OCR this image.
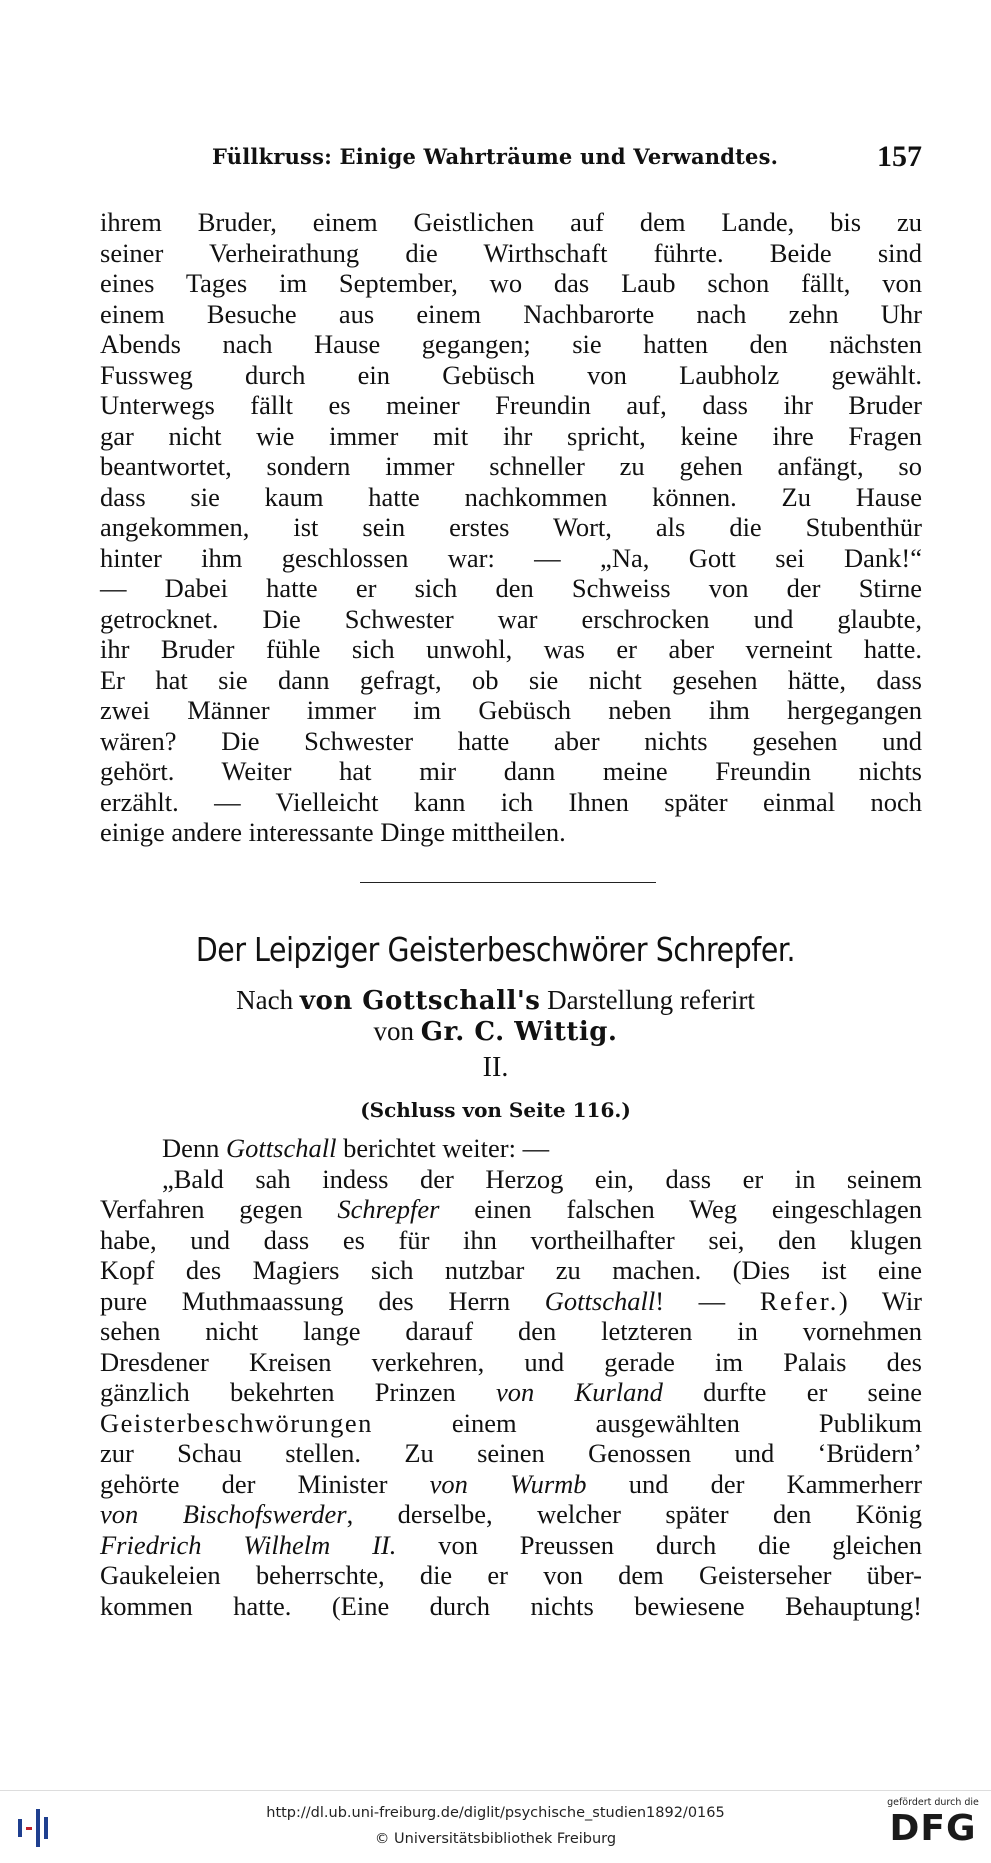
Füllkruss: Einige Wahrträume und Verwandtes.	157

ihrem Bruder, einem Geistlichen auf dem Lande, bis zu

seiner Verheirathung die Wirthschaft führte. Beide sind

eines Tages im September, wo das Laub schon fällt, von

einem Besuche aus einem Nachbarorte nach zehn Uhr

Abends nach Hause gegangen; sie hatten den nächsten

Fussweg durch ein Gebüsch von Laubholz gewählt.

Unterwegs fällt es meiner Freundin auf, dass ihr Bruder

gar nicht wie immer mit ihr spricht, keine ihre Fragen

beantwortet, sondern immer schneller zu gehen anfängt, so

dass sie kaum hatte nachkommen können. Zu Hause

angekommen, ist sein erstes Wort, als die Stubenthür

hinter ihm geschlossen war: — „Na, Gott sei Dank!“

— Dabei hatte er sich den Schweiss von der Stirne

getrocknet. Die Schwester war erschrocken und glaubte,

ihr Bruder fühle sich unwohl, was er aber verneint hatte.

Er hat sie dann gefragt, ob sie nicht gesehen hätte, dass

zwei Männer immer im Gebüsch neben ihm hergegangen

wären? Die Schwester hatte aber nichts gesehen und

gehört. Weiter hat mir dann meine Freundin nichts

erzählt. — Vielleicht kann ich Ihnen später einmal noch

einige andere interessante Dinge mittheilen.

Der Leipziger Geisterbeschwörer Schrepfer.
Nach von Gottschall's Darstellung referirt
von Gr. C. Wittig.
II.
(Schluss von Seite 116.)

Denn Gottschall berichtet weiter: —

„Bald sah indess der Herzog ein, dass er in seinem

Verfahren gegen Schrepfer einen falschen Weg eingeschlagen

habe, und dass es für ihn vortheilhafter sei, den klugen

Kopf des Magiers sich nutzbar zu machen. (Dies ist eine

pure Muthmaassung des Herrn Gottschall! — Refer.) Wir

sehen nicht lange darauf den letzteren in vornehmen

Dresdener Kreisen verkehren, und gerade im Palais des

gänzlich bekehrten Prinzen von Kurland durfte er seine

Geisterbeschwörungen einem ausgewählten Publikum

zur Schau stellen. Zu seinen Genossen und ‘Brüdern’

gehörte der Minister von Wurmb und der Kammerherr

von Bischofswerder, derselbe, welcher später den König

Friedrich Wilhelm II. von Preussen durch die gleichen

Gaukeleien beherrschte, die er von dem Geisterseher über-

kommen hatte. (Eine durch nichts bewiesene Behauptung!

http://dl.ub.uni-freiburg.de/diglit/psychische_studien1892/0165
© Universitätsbibliothek Freiburg
gefördert durch die
DFG
